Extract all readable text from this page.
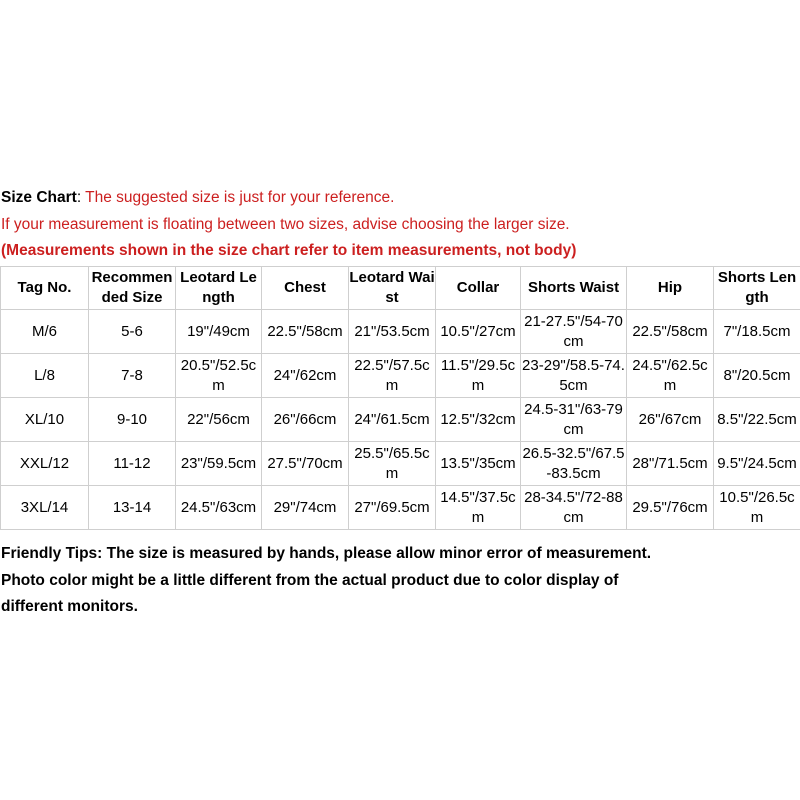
Size Chart: The suggested size is just for your reference.
If your measurement is floating between two sizes, advise choosing the larger size.
(Measurements shown in the size chart refer to item measurements, not body)
Tag No.	Recommended Size	Leotard Length	Chest	Leotard Waist	Collar	Shorts Waist	Hip	Shorts Length
M/6	5-6	19"/49cm	22.5"/58cm	21"/53.5cm	10.5"/27cm	21-27.5"/54-70cm	22.5"/58cm	7"/18.5cm
L/8	7-8	20.5"/52.5cm	24"/62cm	22.5"/57.5cm	11.5"/29.5cm	23-29"/58.5-74.5cm	24.5"/62.5cm	8"/20.5cm
XL/10	9-10	22"/56cm	26"/66cm	24"/61.5cm	12.5"/32cm	24.5-31"/63-79cm	26"/67cm	8.5"/22.5cm
XXL/12	11-12	23"/59.5cm	27.5"/70cm	25.5"/65.5cm	13.5"/35cm	26.5-32.5"/67.5-83.5cm	28"/71.5cm	9.5"/24.5cm
3XL/14	13-14	24.5"/63cm	29"/74cm	27"/69.5cm	14.5"/37.5cm	28-34.5"/72-88cm	29.5"/76cm	10.5"/26.5cm
Friendly Tips: The size is measured by hands, please allow minor error of measurement.
Photo color might be a little different from the actual product due to color display of
different monitors.
